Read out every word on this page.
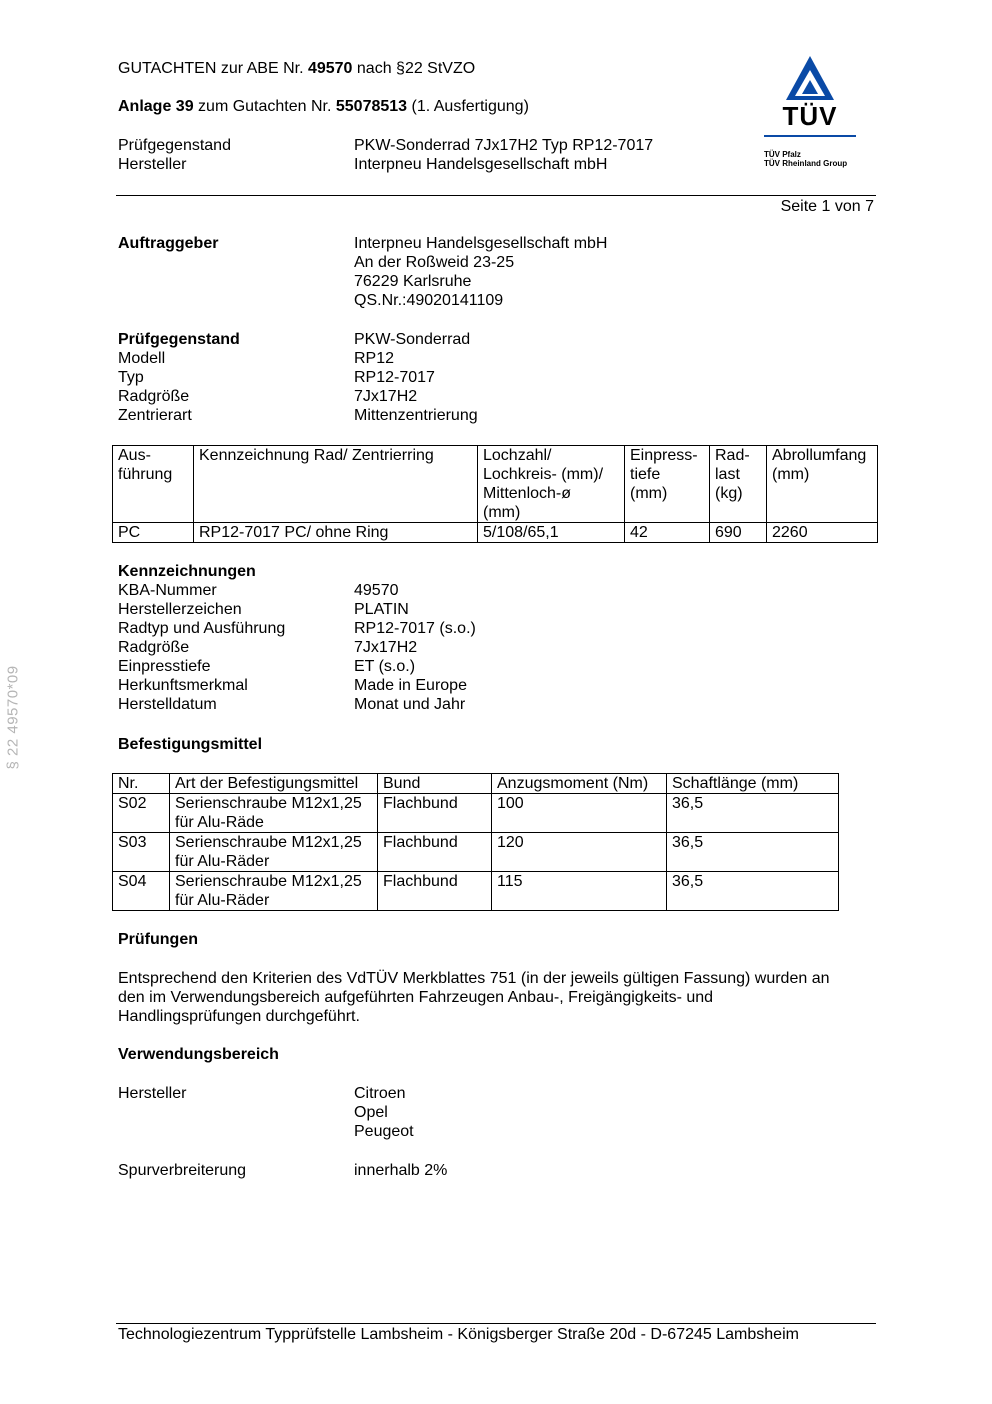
GUTACHTEN zur ABE Nr. 49570 nach §22 StVZO
Anlage 39 zum Gutachten Nr. 55078513 (1. Ausfertigung)
Prüfgegenstand	PKW-Sonderrad 7Jx17H2 Typ RP12-7017
Hersteller	Interpneu Handelsgesellschaft mbH
TÜV
TÜV Pfalz
TÜV Rheinland Group
Seite 1 von 7
§ 22 49570*09
Auftraggeber	Interpneu Handelsgesellschaft mbH
An der Roßweid 23-25
76229 Karlsruhe
QS.Nr.:49020141109
Prüfgegenstand	PKW-Sonderrad
Modell	RP12
Typ	RP12-7017
Radgröße	7Jx17H2
Zentrierart	Mittenzentrierung
Aus-
führung	Kennzeichnung Rad/ Zentrierring	Lochzahl/
Lochkreis- (mm)/
Mittenloch-ø
(mm)	Einpress-
tiefe
(mm)	Rad-
last
(kg)	Abrollumfang
(mm)
PC	RP12-7017 PC/ ohne Ring	5/108/65,1	42	690	2260
Kennzeichnungen
KBA-Nummer	49570
Herstellerzeichen	PLATIN
Radtyp und Ausführung	RP12-7017 (s.o.)
Radgröße	7Jx17H2
Einpresstiefe	ET (s.o.)
Herkunftsmerkmal	Made in Europe
Herstelldatum	Monat und Jahr
Befestigungsmittel
Nr.	Art der Befestigungsmittel	Bund	Anzugsmoment (Nm)	Schaftlänge (mm)
S02	Serienschraube M12x1,25
für Alu-Räde	Flachbund	100	36,5
S03	Serienschraube M12x1,25
für Alu-Räder	Flachbund	120	36,5
S04	Serienschraube M12x1,25
für Alu-Räder	Flachbund	115	36,5
Prüfungen
Entsprechend den Kriterien des VdTÜV Merkblattes 751 (in der jeweils gültigen Fassung) wurden an
den im Verwendungsbereich aufgeführten Fahrzeugen Anbau-, Freigängigkeits- und
Handlingsprüfungen durchgeführt.
Verwendungsbereich
Hersteller	Citroen
Opel
Peugeot
Spurverbreiterung	innerhalb 2%
Technologiezentrum Typprüfstelle Lambsheim - Königsberger Straße 20d - D-67245 Lambsheim
